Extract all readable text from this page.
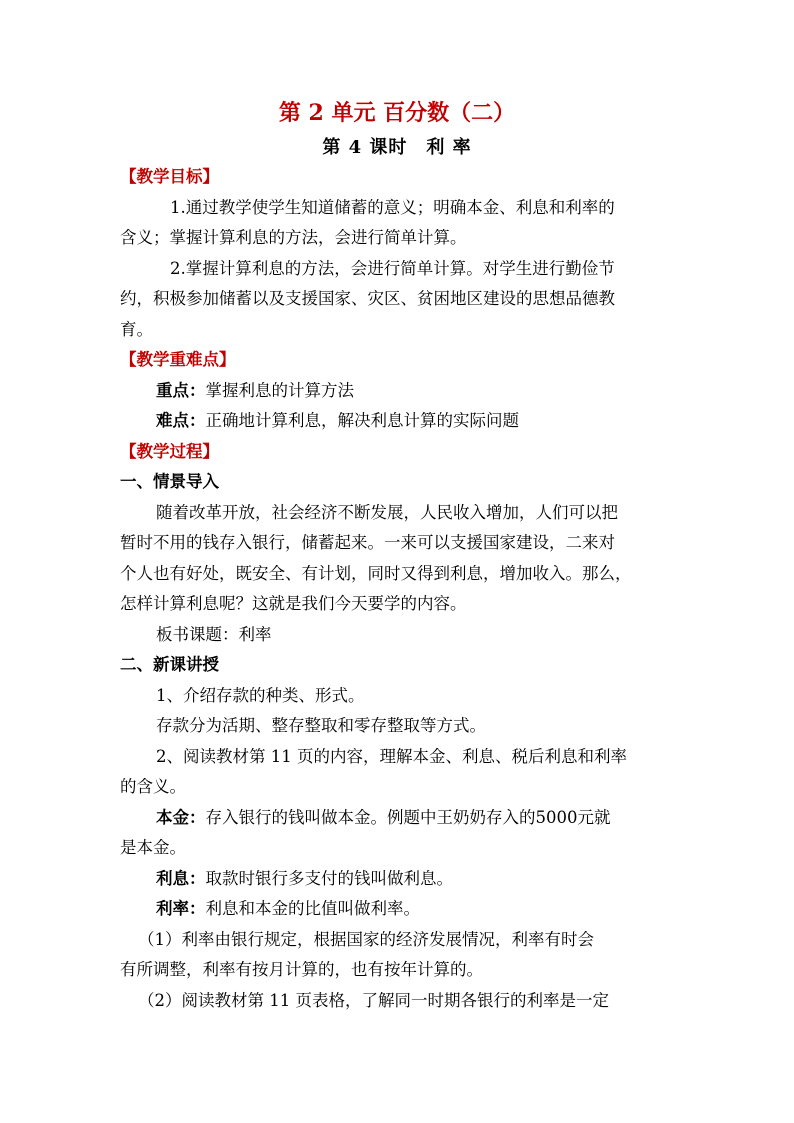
第 2 单元 百分数（二）
第 4 课时　利 率
【教学目标】
1.通过教学使学生知道储蓄的意义；明确本金、利息和利率的
含义；掌握计算利息的方法，会进行简单计算。
2.掌握计算利息的方法，会进行简单计算。对学生进行勤俭节
约，积极参加储蓄以及支援国家、灾区、贫困地区建设的思想品德教
育。
【教学重难点】
重点：掌握利息的计算方法
难点：正确地计算利息，解决利息计算的实际问题
【教学过程】
一、情景导入
随着改革开放，社会经济不断发展，人民收入增加，人们可以把
暂时不用的钱存入银行，储蓄起来。一来可以支援国家建设，二来对
个人也有好处，既安全、有计划，同时又得到利息，增加收入。那么，
怎样计算利息呢？这就是我们今天要学的内容。
板书课题：利率
二、新课讲授
1、介绍存款的种类、形式。
存款分为活期、整存整取和零存整取等方式。
2、阅读教材第 11 页的内容，理解本金、利息、税后利息和利率
的含义。
本金：存入银行的钱叫做本金。例题中王奶奶存入的5000元就
是本金。
利息：取款时银行多支付的钱叫做利息。
利率：利息和本金的比值叫做利率。
（1）利率由银行规定，根据国家的经济发展情况，利率有时会
有所调整，利率有按月计算的，也有按年计算的。
（2）阅读教材第 11 页表格，了解同一时期各银行的利率是一定
